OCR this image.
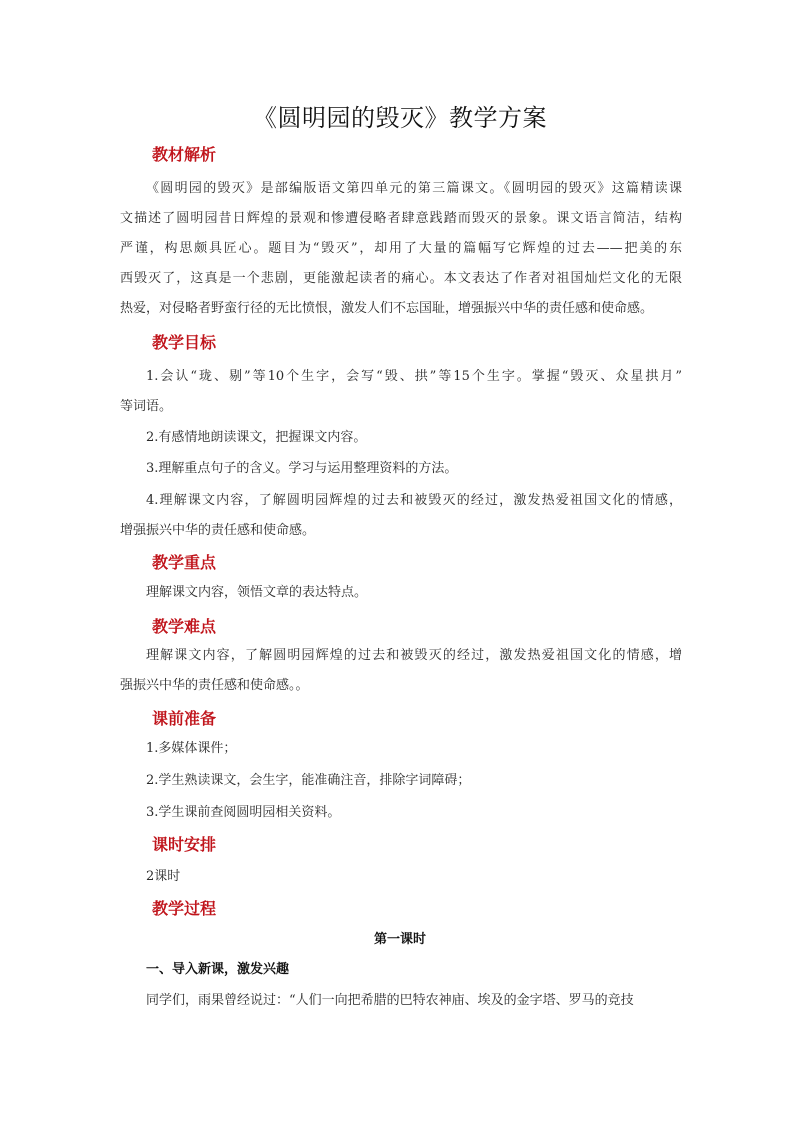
《圆明园的毁灭》教学方案
教材解析
《圆明园的毁灭》是部编版语文第四单元的第三篇课文。《圆明园的毁灭》这篇精读课
文描述了圆明园昔日辉煌的景观和惨遭侵略者肆意践踏而毁灭的景象。课文语言简洁，结构
严谨，构思颇具匠心。题目为“毁灭”，却用了大量的篇幅写它辉煌的过去——把美的东
西毁灭了，这真是一个悲剧，更能激起读者的痛心。本文表达了作者对祖国灿烂文化的无限
热爱，对侵略者野蛮行径的无比愤恨，激发人们不忘国耻，增强振兴中华的责任感和使命感。
教学目标
1.会认“珑、剔”等10个生字，会写“毁、拱”等15个生字。掌握“毁灭、众星拱月”
等词语。
2.有感情地朗读课文，把握课文内容。
3.理解重点句子的含义。学习与运用整理资料的方法。
4.理解课文内容，了解圆明园辉煌的过去和被毁灭的经过，激发热爱祖国文化的情感，
增强振兴中华的责任感和使命感。
教学重点
理解课文内容，领悟文章的表达特点。
教学难点
理解课文内容，了解圆明园辉煌的过去和被毁灭的经过，激发热爱祖国文化的情感，增
强振兴中华的责任感和使命感。。
课前准备
1.多媒体课件；
2.学生熟读课文，会生字，能准确注音，排除字词障碍；
3.学生课前查阅圆明园相关资料。
课时安排
2课时
教学过程
第一课时
一、导入新课，激发兴趣
同学们，雨果曾经说过：“人们一向把希腊的巴特农神庙、埃及的金字塔、罗马的竞技
